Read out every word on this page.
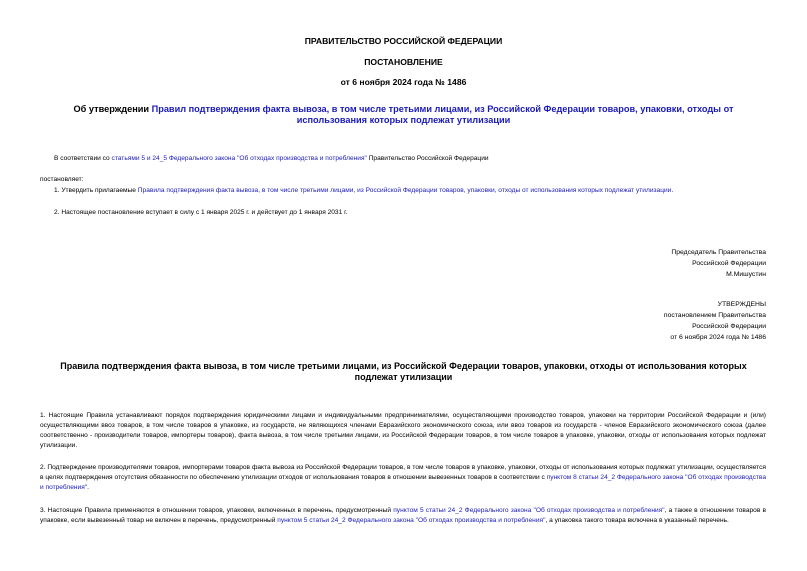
ПРАВИТЕЛЬСТВО РОССИЙСКОЙ ФЕДЕРАЦИИ
ПОСТАНОВЛЕНИЕ
от 6 ноября 2024 года № 1486
Об утверждении Правил подтверждения факта вывоза, в том числе третьими лицами, из Российской Федерации товаров, упаковки, отходы от использования которых подлежат утилизации
В соответствии со статьями 5 и 24_5 Федерального закона "Об отходах производства и потребления" Правительство Российской Федерации
постановляет:
1. Утвердить прилагаемые Правила подтверждения факта вывоза, в том числе третьими лицами, из Российской Федерации товаров, упаковки, отходы от использования которых подлежат утилизации.
2. Настоящее постановление вступает в силу с 1 января 2025 г. и действует до 1 января 2031 г.
Председатель Правительства
Российской Федерации
М.Мишустин
УТВЕРЖДЕНЫ
постановлением Правительства
Российской Федерации
от 6 ноября 2024 года № 1486
Правила подтверждения факта вывоза, в том числе третьими лицами, из Российской Федерации товаров, упаковки, отходы от использования которых подлежат утилизации
1. Настоящие Правила устанавливают порядок подтверждения юридическими лицами и индивидуальными предпринимателями, осуществляющими производство товаров, упаковки на территории Российской Федерации и (или) осуществляющими ввоз товаров, в том числе товаров в упаковке, из государств, не являющихся членами Евразийского экономического союза, или ввоз товаров из государств - членов Евразийского экономического союза (далее соответственно - производители товаров, импортеры товаров), факта вывоза, в том числе третьими лицами, из Российской Федерации товаров, в том числе товаров в упаковке, упаковки, отходы от использования которых подлежат утилизации.
2. Подтверждение производителями товаров, импортерами товаров факта вывоза из Российской Федерации товаров, в том числе товаров в упаковке, упаковки, отходы от использования которых подлежат утилизации, осуществляется в целях подтверждения отсутствия обязанности по обеспечению утилизации отходов от использования товаров в отношении вывезенных товаров в соответствии с пунктом 8 статьи 24_2 Федерального закона "Об отходах производства и потребления".
3. Настоящие Правила применяются в отношении товаров, упаковки, включенных в перечень, предусмотренный пунктом 5 статьи 24_2 Федерального закона "Об отходах производства и потребления", а также в отношении товаров в упаковке, если вывезенный товар не включен в перечень, предусмотренный пунктом 5 статьи 24_2 Федерального закона "Об отходах производства и потребления", а упаковка такого товара включена в указанный перечень.
